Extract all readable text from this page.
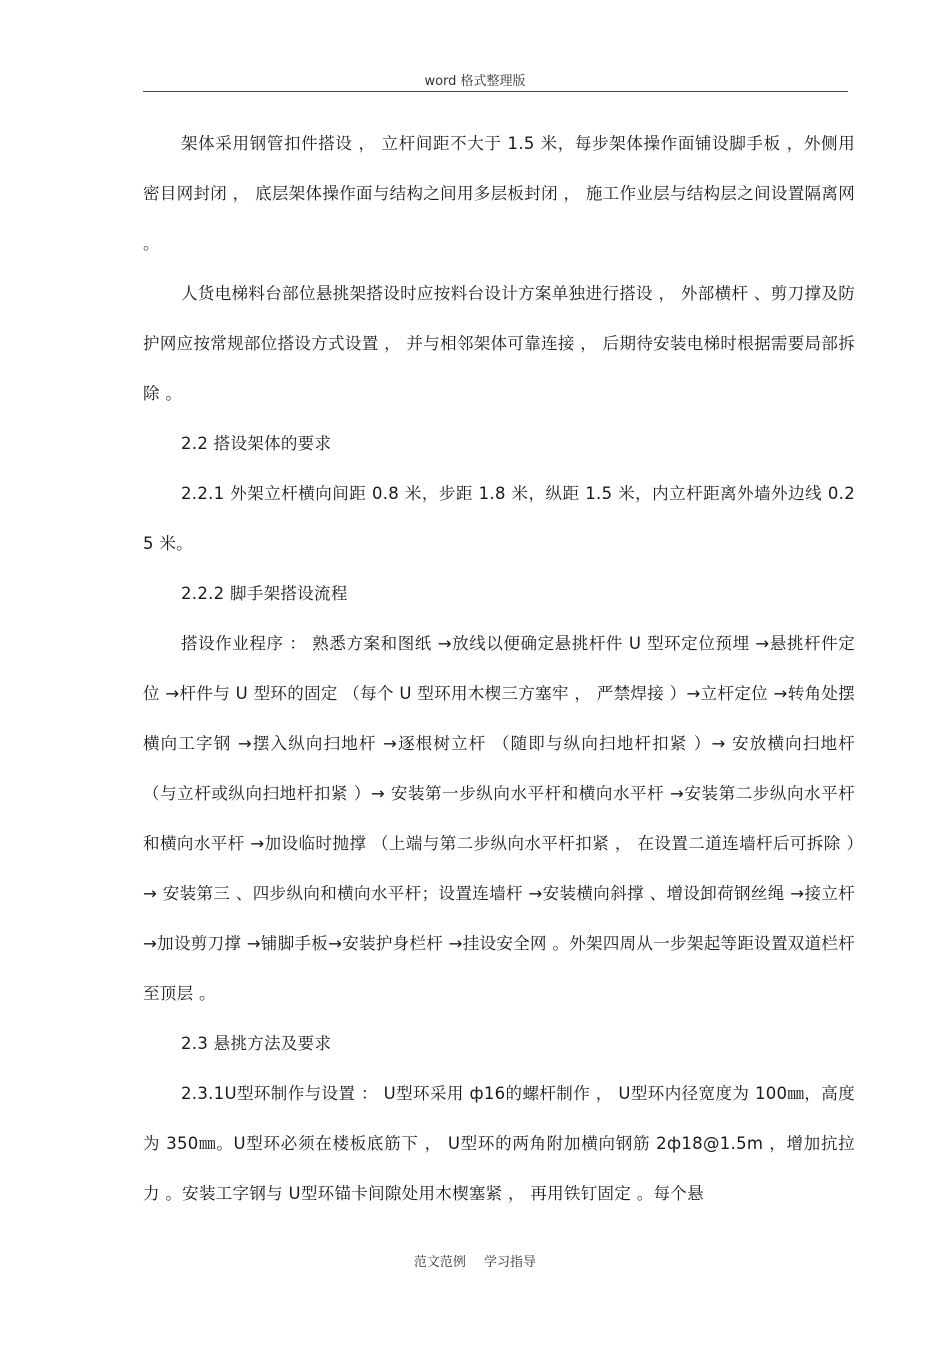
word 格式整理版

架体采用钢管扣件搭设 ， 立杆间距不大于 1.5 米，每步架体操作面铺设脚手板 ，外侧用密目网封闭 ， 底层架体操作面与结构之间用多层板封闭 ， 施工作业层与结构层之间设置隔离网 。

人货电梯料台部位悬挑架搭设时应按料台设计方案单独进行搭设 ， 外部横杆 、剪刀撑及防护网应按常规部位搭设方式设置 ， 并与相邻架体可靠连接 ， 后期待安装电梯时根据需要局部拆除 。

2.2 搭设架体的要求

2.2.1 外架立杆横向间距 0.8 米，步距 1.8 米，纵距 1.5 米，内立杆距离外墙外边线 0.25 米。

2.2.2 脚手架搭设流程

搭设作业程序 ： 熟悉方案和图纸 →放线以便确定悬挑杆件 U 型环定位预埋 →悬挑杆件定位 →杆件与 U 型环的固定 （每个 U 型环用木楔三方塞牢 ， 严禁焊接 ）→立杆定位 →转角处摆横向工字钢 →摆入纵向扫地杆 →逐根树立杆 （随即与纵向扫地杆扣紧 ）→ 安放横向扫地杆 （与立杆或纵向扫地杆扣紧 ）→ 安装第一步纵向水平杆和横向水平杆 →安装第二步纵向水平杆和横向水平杆 →加设临时抛撑 （上端与第二步纵向水平杆扣紧 ， 在设置二道连墙杆后可拆除 ）→ 安装第三 、四步纵向和横向水平杆；设置连墙杆 →安装横向斜撑 、增设卸荷钢丝绳 →接立杆 →加设剪刀撑 →铺脚手板→安装护身栏杆 →挂设安全网 。外架四周从一步架起等距设置双道栏杆至顶层 。

2.3 悬挑方法及要求

2.3.1U型环制作与设置 ： U型环采用 ф16的螺杆制作 ， U型环内径宽度为 100㎜，高度为 350㎜。U型环必须在楼板底筋下 ， U型环的两角附加横向钢筋 2ф18@1.5m ，增加抗拉力 。安装工字钢与 U型环锚卡间隙处用木楔塞紧 ， 再用铁钉固定 。每个悬

范文范例 学习指导
